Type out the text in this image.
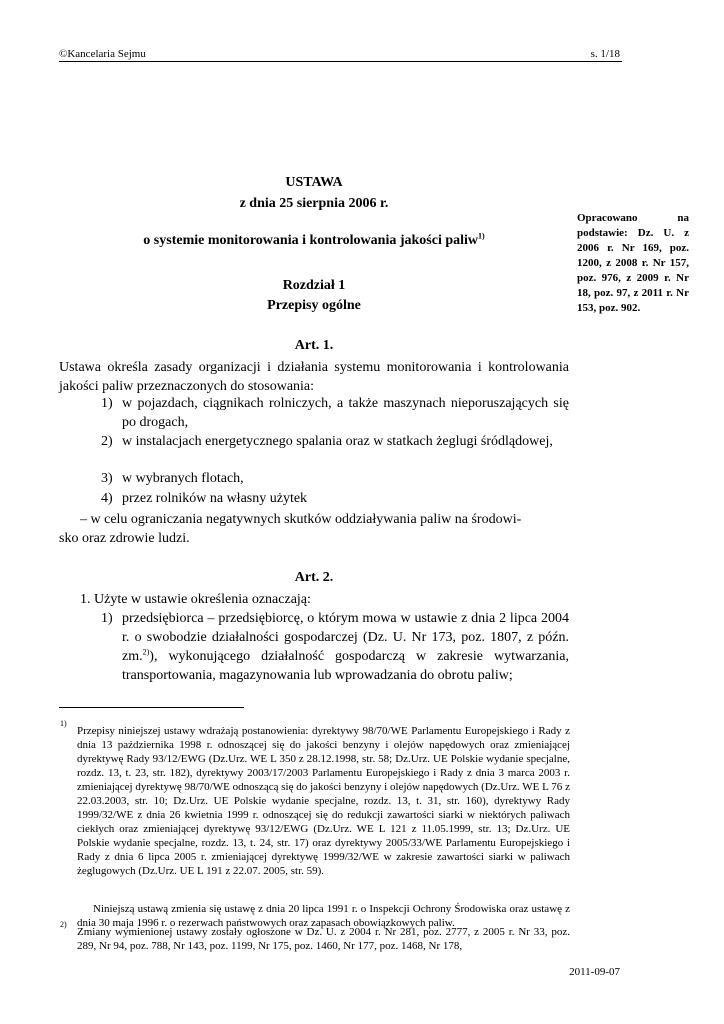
©Kancelaria Sejmu	s. 1/18
USTAWA
z dnia 25 sierpnia 2006 r.
o systemie monitorowania i kontrolowania jakości paliw$^{1)}$
Rozdział 1
Przepisy ogólne
Opracowano na podstawie: Dz. U. z 2006 r. Nr 169, poz. 1200, z 2008 r. Nr 157, poz. 976, z 2009 r. Nr 18, poz. 97, z 2011 r. Nr 153, poz. 902.
Art. 1.
Ustawa określa zasady organizacji i działania systemu monitorowania i kontrolowania jakości paliw przeznaczonych do stosowania:
1) w pojazdach, ciągnikach rolniczych, a także maszynach nieporuszających się po drogach,
2) w instalacjach energetycznego spalania oraz w statkach żeglugi śródlądowej,
3) w wybranych flotach,
4) przez rolników na własny użytek
– w celu ograniczania negatywnych skutków oddziaływania paliw na środowi-
sko oraz zdrowie ludzi.
Art. 2.
1. Użyte w ustawie określenia oznaczają:
1) przedsiębiorca – przedsiębiorcę, o którym mowa w ustawie z dnia 2 lipca 2004 r. o swobodzie działalności gospodarczej (Dz. U. Nr 173, poz. 1807, z późn. zm.$^{2)}$), wykonującego działalność gospodarczą w zakresie wytwarzania, transportowania, magazynowania lub wprowadzania do obrotu paliw;
1)
Przepisy niniejszej ustawy wdrażają postanowienia: dyrektywy 98/70/WE Parlamentu Europejskiego i Rady z dnia 13 października 1998 r. odnoszącej się do jakości benzyny i olejów napędowych oraz zmieniającej dyrektywę Rady 93/12/EWG (Dz.Urz. WE L 350 z 28.12.1998, str. 58; Dz.Urz. UE Polskie wydanie specjalne, rozdz. 13, t. 23, str. 182), dyrektywy 2003/17/2003 Parlamentu Europejskiego i Rady z dnia 3 marca 2003 r. zmieniającej dyrektywę 98/70/WE odnoszącą się do jakości benzyny i olejów napędowych (Dz.Urz. WE L 76 z 22.03.2003, str. 10; Dz.Urz. UE Polskie wydanie specjalne, rozdz. 13, t. 31, str. 160), dyrektywy Rady 1999/32/WE z dnia 26 kwietnia 1999 r. odnoszącej się do redukcji zawartości siarki w niektórych paliwach ciekłych oraz zmieniającej dyrektywę 93/12/EWG (Dz.Urz. WE L 121 z 11.05.1999, str. 13; Dz.Urz. UE Polskie wydanie specjalne, rozdz. 13, t. 24, str. 17) oraz dyrektywy 2005/33/WE Parlamentu Europejskiego i Rady z dnia 6 lipca 2005 r. zmieniającej dyrektywę 1999/32/WE w zakresie zawartości siarki w paliwach żeglugowych (Dz.Urz. UE L 191 z 22.07. 2005, str. 59).
Niniejszą ustawą zmienia się ustawę z dnia 20 lipca 1991 r. o Inspekcji Ochrony Środowiska oraz ustawę z dnia 30 maja 1996 r. o rezerwach państwowych oraz zapasach obowiązkowych paliw.
2)
Zmiany wymienionej ustawy zostały ogłoszone w Dz. U. z 2004 r. Nr 281, poz. 2777, z 2005 r. Nr 33, poz. 289, Nr 94, poz. 788, Nr 143, poz. 1199, Nr 175, poz. 1460, Nr 177, poz. 1468, Nr 178,
2011-09-07
